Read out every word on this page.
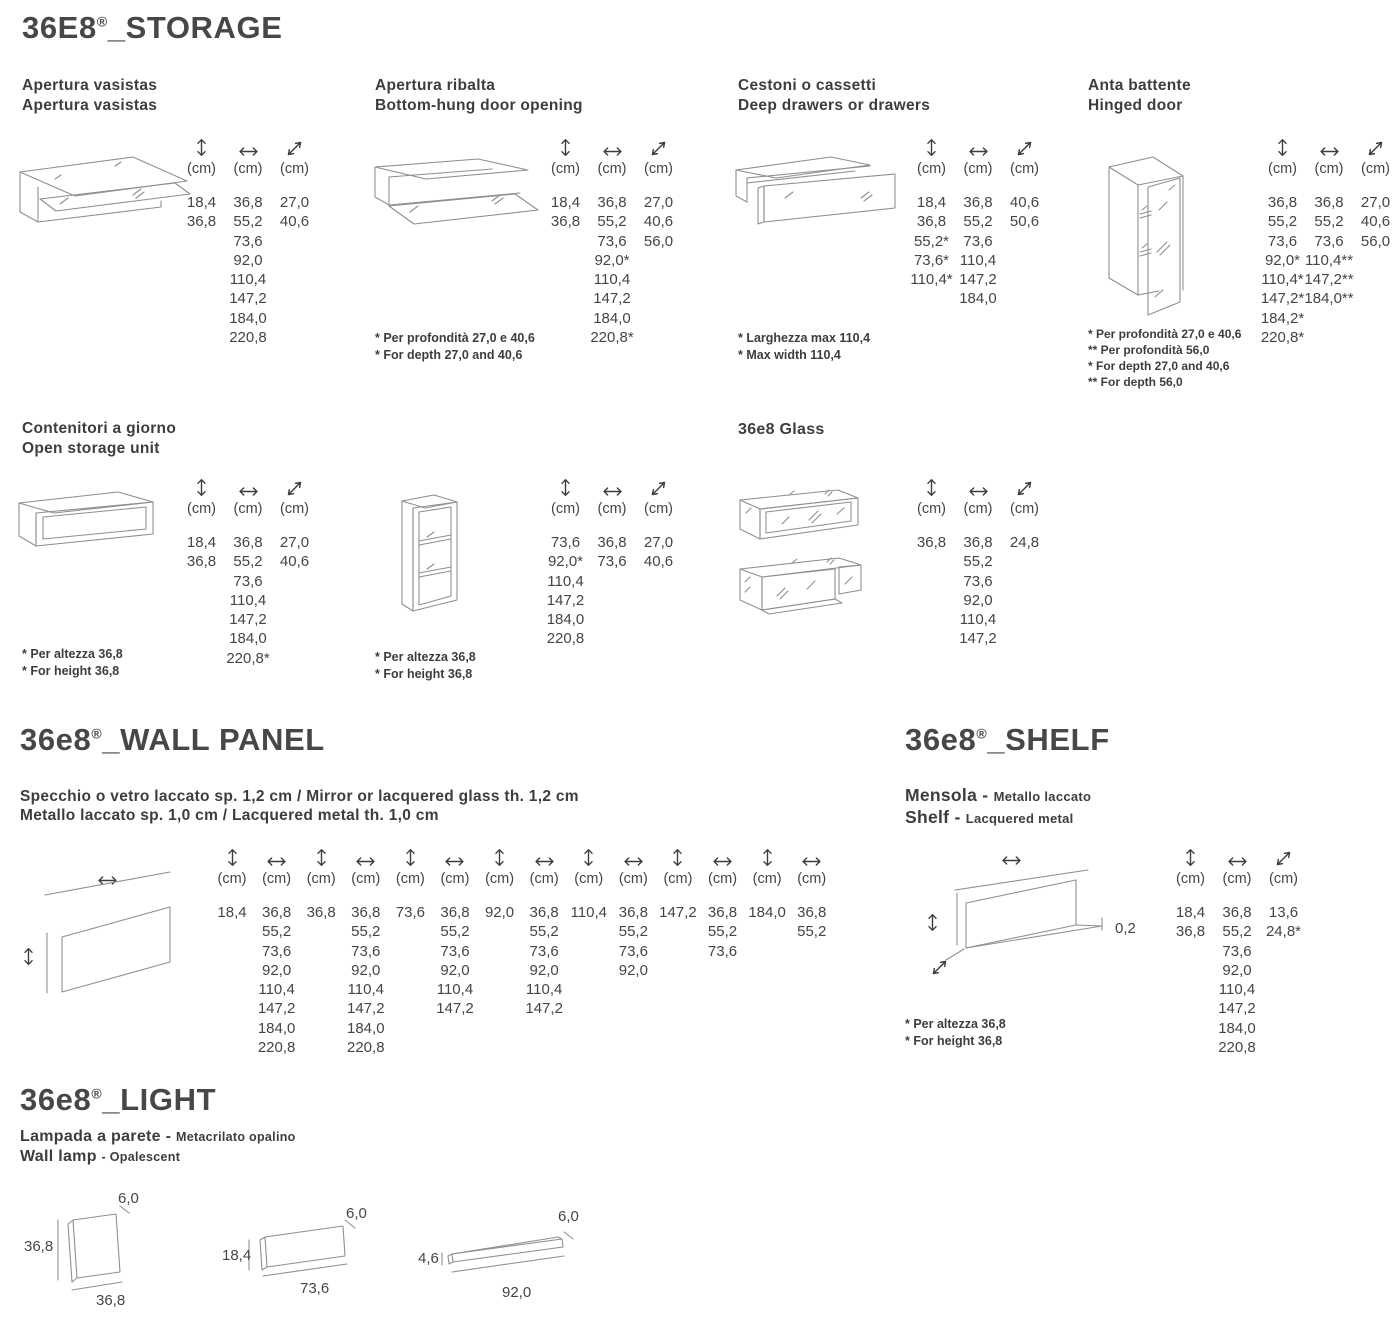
36E8®_STORAGE
Apertura vasistas
Apertura vasistas
(cm)
18,4
36,8
(cm)
36,8
55,2
73,6
92,0
110,4
147,2
184,0
220,8
(cm)
27,0
40,6
Apertura ribalta
Bottom-hung door opening
(cm)
18,4
36,8
(cm)
36,8
55,2
73,6
92,0*
110,4
147,2
184,0
220,8*
(cm)
27,0
40,6
56,0
* Per profondità 27,0 e 40,6
* For depth 27,0 and 40,6
Cestoni o cassetti
Deep drawers or drawers
(cm)
18,4
36,8
55,2*
73,6*
110,4*
(cm)
36,8
55,2
73,6
110,4
147,2
184,0
(cm)
40,6
50,6
* Larghezza max 110,4
* Max width 110,4
Anta battente
Hinged door
(cm)
36,8
55,2
73,6
92,0*
110,4*
147,2*
184,2*
220,8*
(cm)
36,8
55,2
73,6
110,4**
147,2**
184,0**
(cm)
27,0
40,6
56,0
* Per profondità 27,0 e 40,6
** Per profondità 56,0
* For depth 27,0 and 40,6
** For depth 56,0
Contenitori a giorno
Open storage unit
(cm)
18,4
36,8
(cm)
36,8
55,2
73,6
110,4
147,2
184,0
220,8*
(cm)
27,0
40,6
* Per altezza 36,8
* For height 36,8
(cm)
73,6
92,0*
110,4
147,2
184,0
220,8
(cm)
36,8
73,6
(cm)
27,0
40,6
* Per altezza 36,8
* For height 36,8
36e8 Glass
(cm)
36,8
(cm)
36,8
55,2
73,6
92,0
110,4
147,2
(cm)
24,8
36e8®_WALL PANEL
Specchio o vetro laccato sp. 1,2 cm / Mirror or lacquered glass th. 1,2 cm
Metallo laccato sp. 1,0 cm / Lacquered metal th. 1,0 cm
(cm)
18,4
(cm)
36,8
55,2
73,6
92,0
110,4
147,2
184,0
220,8
(cm)
36,8
(cm)
36,8
55,2
73,6
92,0
110,4
147,2
184,0
220,8
(cm)
73,6
(cm)
36,8
55,2
73,6
92,0
110,4
147,2
(cm)
92,0
(cm)
36,8
55,2
73,6
92,0
110,4
147,2
(cm)
110,4
(cm)
36,8
55,2
73,6
92,0
(cm)
147,2
(cm)
36,8
55,2
73,6
(cm)
184,0
(cm)
36,8
55,2
36e8®_SHELF
Mensola - Metallo laccato
Shelf - Lacquered metal
0,2
(cm)
18,4
36,8
(cm)
36,8
55,2
73,6
92,0
110,4
147,2
184,0
220,8
(cm)
13,6
24,8*
* Per altezza 36,8
* For height 36,8
36e8®_LIGHT
Lampada a parete - Metacrilato opalino
Wall lamp - Opalescent
6,0
36,8
36,8
6,0
18,4
73,6
6,0
4,6
92,0
